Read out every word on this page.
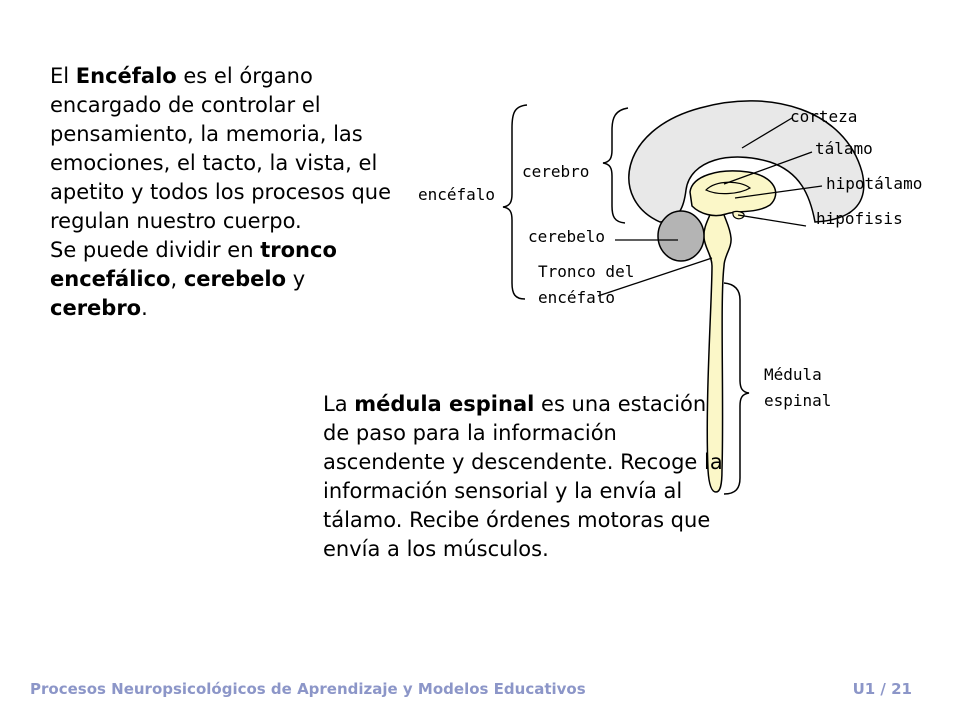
El Encéfalo es el órgano encargado de controlar el pensamiento, la memoria, las emociones, el tacto, la vista, el apetito y todos los procesos que regulan nuestro cuerpo.
Se puede dividir en tronco encefálico, cerebelo y cerebro.

encéfalo
cerebro
cerebelo
Tronco del
encéfalo
corteza
tálamo
hipotálamo
hipófisis
Médula
espinal

La médula espinal es una estación de paso para la información ascendente y descendente. Recoge la información sensorial y la envía al tálamo. Recibe órdenes motoras que envía a los músculos.

Procesos Neuropsicológicos de Aprendizaje y Modelos Educativos	U1 / 21
